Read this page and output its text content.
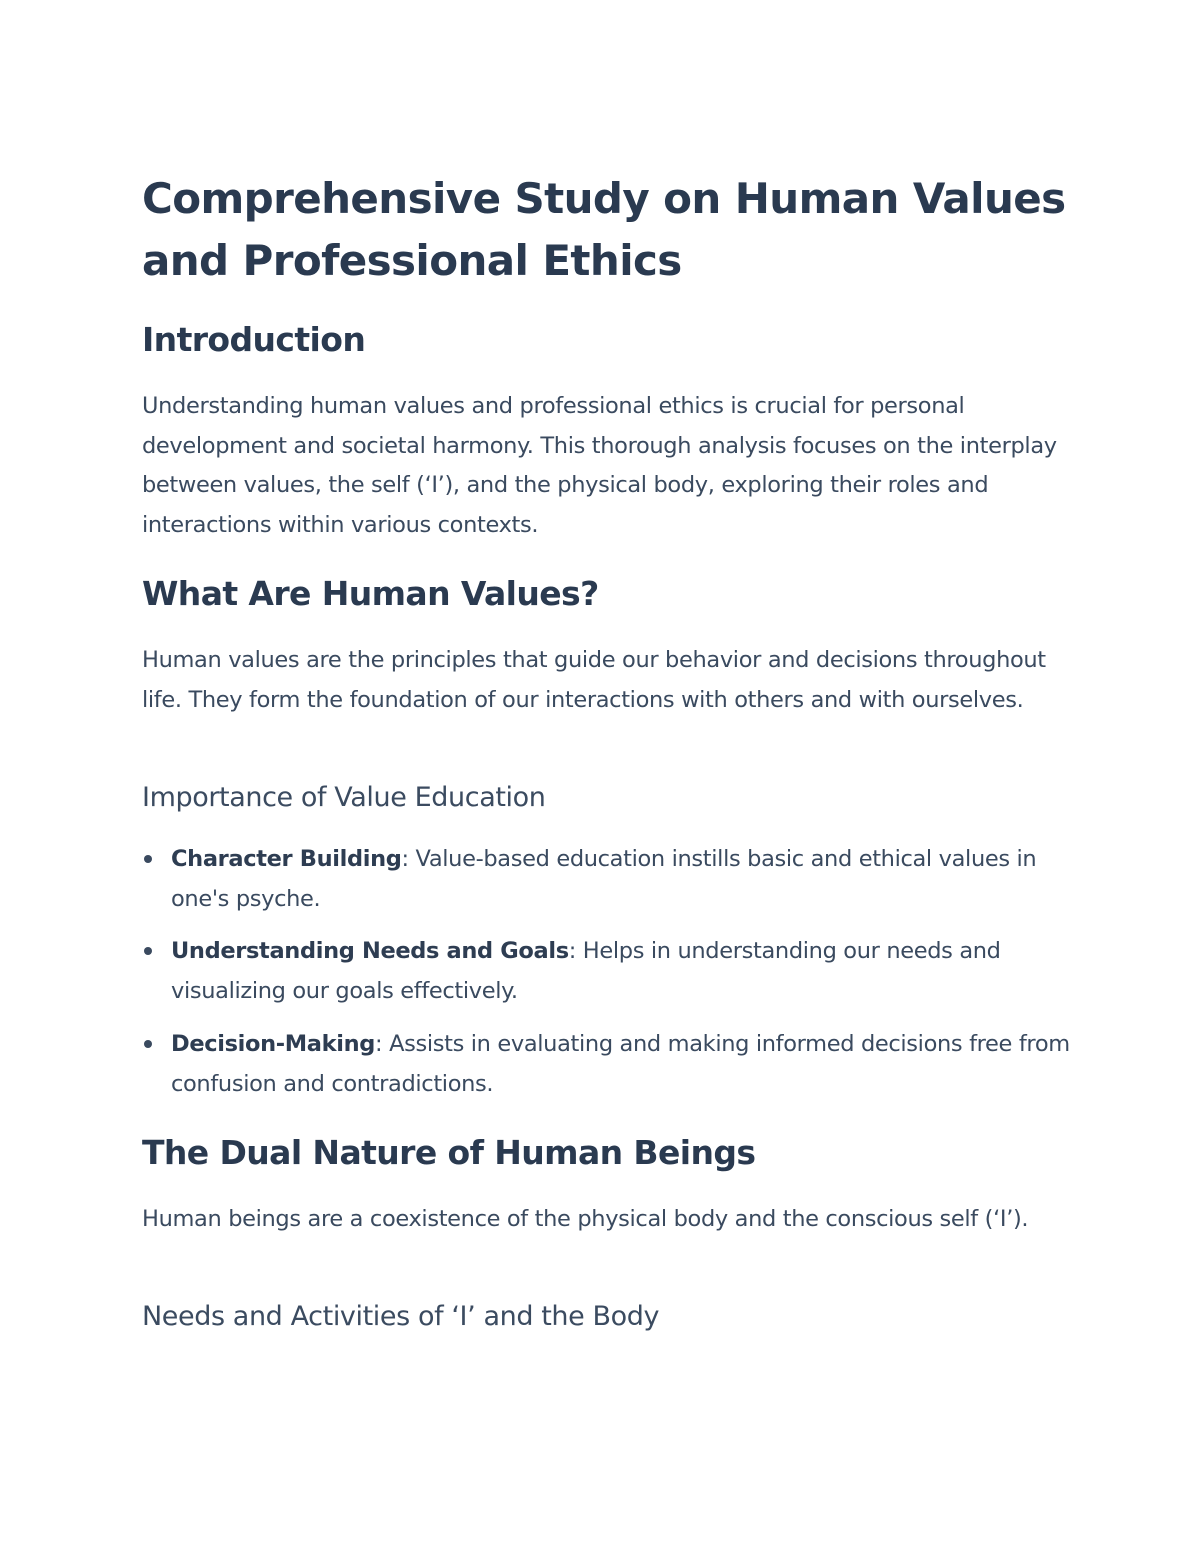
Comprehensive Study on Human Values and Professional Ethics
Introduction

Understanding human values and professional ethics is crucial for personal development and societal harmony. This thorough analysis focuses on the interplay between values, the self (‘I’), and the physical body, exploring their roles and interactions within various contexts.

What Are Human Values?

Human values are the principles that guide our behavior and decisions throughout life. They form the foundation of our interactions with others and with ourselves.

Importance of Value Education
Character Building: Value-based education instills basic and ethical values in one's psyche.
Understanding Needs and Goals: Helps in understanding our needs and visualizing our goals effectively.
Decision-Making: Assists in evaluating and making informed decisions free from confusion and contradictions.
The Dual Nature of Human Beings

Human beings are a coexistence of the physical body and the conscious self (‘I’).

Needs and Activities of ‘I’ and the Body
